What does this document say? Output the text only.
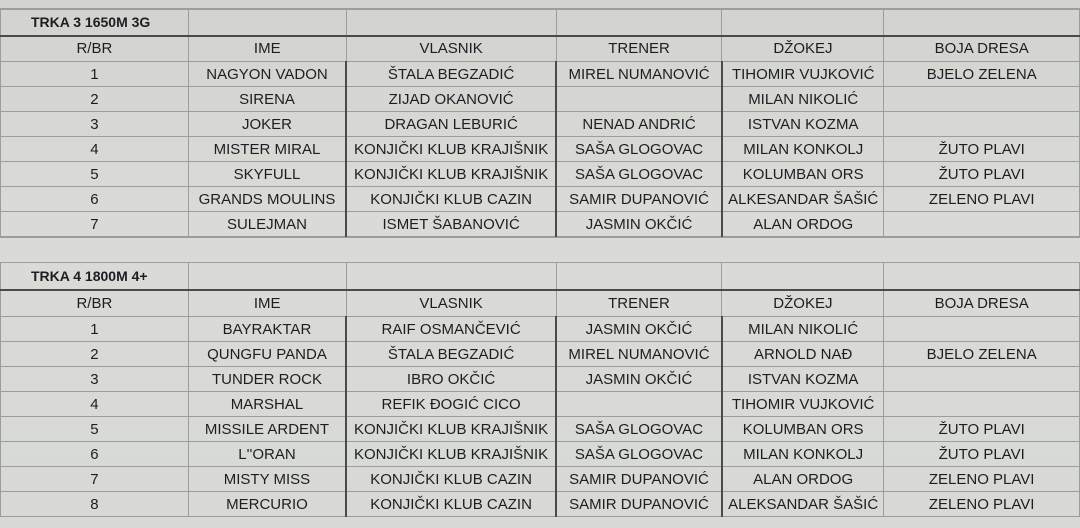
TRKA 3 1650M 3G					
R/BR	IME	VLASNIK	TRENER	DŽOKEJ	BOJA DRESA
1	NAGYON VADON	ŠTALA BEGZADIĆ	MIREL NUMANOVIĆ	TIHOMIR VUJKOVIĆ	BJELO ZELENA
2	SIRENA	ZIJAD OKANOVIĆ		MILAN NIKOLIĆ	
3	JOKER	DRAGAN LEBURIĆ	NENAD ANDRIĆ	ISTVAN KOZMA	
4	MISTER MIRAL	KONJIČKI KLUB KRAJIŠNIK	SAŠA GLOGOVAC	MILAN KONKOLJ	ŽUTO PLAVI
5	SKYFULL	KONJIČKI KLUB KRAJIŠNIK	SAŠA GLOGOVAC	KOLUMBAN ORS	ŽUTO PLAVI
6	GRANDS MOULINS	KONJIČKI KLUB CAZIN	SAMIR DUPANOVIĆ	ALKESANDAR ŠAŠIĆ	ZELENO PLAVI
7	SULEJMAN	ISMET ŠABANOVIĆ	JASMIN OKČIĆ	ALAN ORDOG	
TRKA 4 1800M 4+					
R/BR	IME	VLASNIK	TRENER	DŽOKEJ	BOJA DRESA
1	BAYRAKTAR	RAIF OSMANČEVIĆ	JASMIN OKČIĆ	MILAN NIKOLIĆ	
2	QUNGFU PANDA	ŠTALA BEGZADIĆ	MIREL NUMANOVIĆ	ARNOLD NAĐ	BJELO ZELENA
3	TUNDER ROCK	IBRO OKČIĆ	JASMIN OKČIĆ	ISTVAN KOZMA	
4	MARSHAL	REFIK ĐOGIĆ CICO		TIHOMIR VUJKOVIĆ	
5	MISSILE ARDENT	KONJIČKI KLUB KRAJIŠNIK	SAŠA GLOGOVAC	KOLUMBAN ORS	ŽUTO PLAVI
6	L''ORAN	KONJIČKI KLUB KRAJIŠNIK	SAŠA GLOGOVAC	MILAN KONKOLJ	ŽUTO PLAVI
7	MISTY MISS	KONJIČKI KLUB CAZIN	SAMIR DUPANOVIĆ	ALAN ORDOG	ZELENO PLAVI
8	MERCURIO	KONJIČKI KLUB CAZIN	SAMIR DUPANOVIĆ	ALEKSANDAR ŠAŠIĆ	ZELENO PLAVI
